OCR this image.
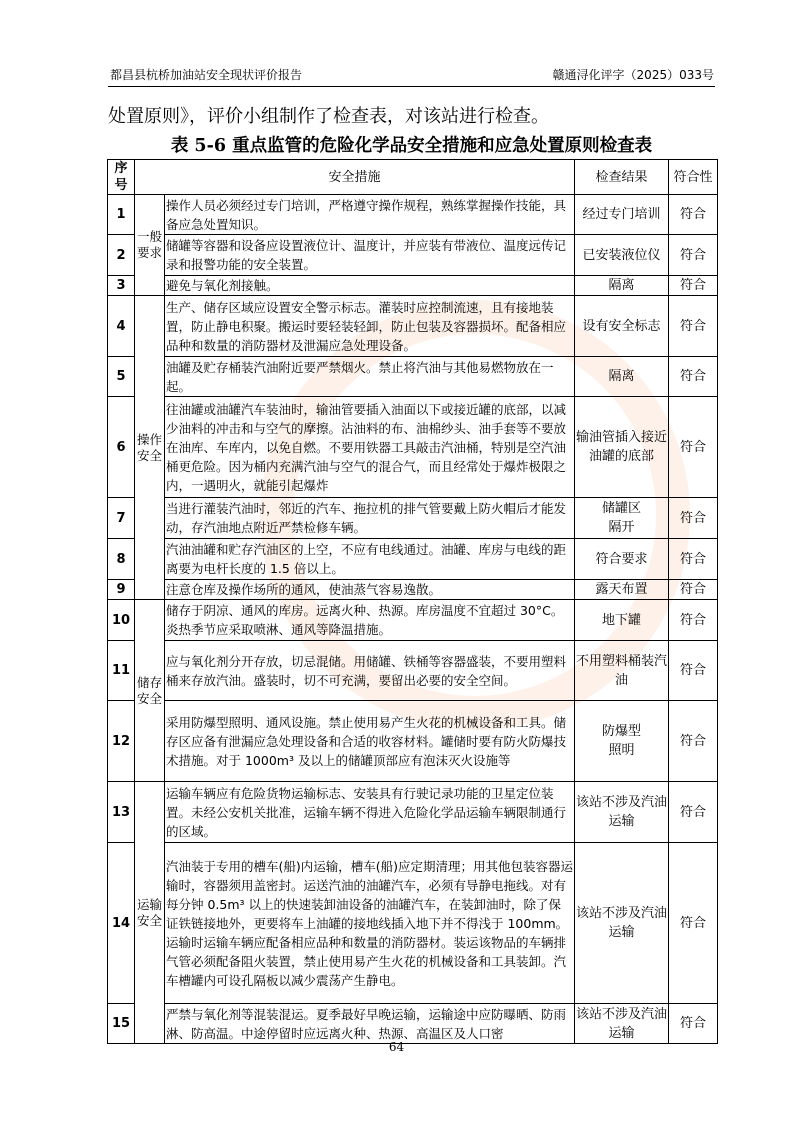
都昌县杭桥加油站安全现状评价报告	赣通浔化评字（2025）033号
处置原则》，评价小组制作了检查表，对该站进行检查。
表 5-6 重点监管的危险化学品安全措施和应急处置原则检查表
序号	安全措施		检查结果	符合性
1	一般要求	操作人员必须经过专门培训，严格遵守操作规程，熟练掌握操作技能，具备应急处置知识。	经过专门培训	符合
2		储罐等容器和设备应设置液位计、温度计，并应装有带液位、温度远传记录和报警功能的安全装置。	已安装液位仪	符合
3		避免与氧化剂接触。	隔离	符合
4	操作安全	生产、储存区域应设置安全警示标志。灌装时应控制流速，且有接地装置，防止静电积聚。搬运时要轻装轻卸，防止包装及容器损坏。配备相应品种和数量的消防器材及泄漏应急处理设备。	设有安全标志	符合
5		油罐及贮存桶装汽油附近要严禁烟火。禁止将汽油与其他易燃物放在一起。	隔离	符合
6		往油罐或油罐汽车装油时，输油管要插入油面以下或接近罐的底部，以减少油料的冲击和与空气的摩擦。沾油料的布、油棉纱头、油手套等不要放在油库、车库内，以免自燃。不要用铁器工具敲击汽油桶，特别是空汽油桶更危险。因为桶内充满汽油与空气的混合气，而且经常处于爆炸极限之内，一遇明火，就能引起爆炸	输油管插入接近油罐的底部	符合
7		当进行灌装汽油时，邻近的汽车、拖拉机的排气管要戴上防火帽后才能发动，存汽油地点附近严禁检修车辆。	储罐区
隔开	符合
8		汽油油罐和贮存汽油区的上空，不应有电线通过。油罐、库房与电线的距离要为电杆长度的 1.5 倍以上。	符合要求	符合
9		注意仓库及操作场所的通风，使油蒸气容易逸散。	露天布置	符合
10	储存安全	储存于阴凉、通风的库房。远离火种、热源。库房温度不宜超过 30°C。炎热季节应采取喷淋、通风等降温措施。	地下罐	符合
11		应与氧化剂分开存放，切忌混储。用储罐、铁桶等容器盛装，不要用塑料桶来存放汽油。盛装时，切不可充满，要留出必要的安全空间。	不用塑料桶装汽油	符合
12		采用防爆型照明、通风设施。禁止使用易产生火花的机械设备和工具。储存区应备有泄漏应急处理设备和合适的收容材料。罐储时要有防火防爆技术措施。对于 1000m³ 及以上的储罐顶部应有泡沫灭火设施等	防爆型
照明	符合
13	运输安全	运输车辆应有危险货物运输标志、安装具有行驶记录功能的卫星定位装置。未经公安机关批准，运输车辆不得进入危险化学品运输车辆限制通行的区域。	该站不涉及汽油运输	符合
14		汽油装于专用的槽车(船)内运输，槽车(船)应定期清理；用其他包装容器运输时，容器须用盖密封。运送汽油的油罐汽车，必须有导静电拖线。对有每分钟 0.5m³ 以上的快速装卸油设备的油罐汽车，在装卸油时，除了保证铁链接地外，更要将车上油罐的接地线插入地下并不得浅于 100mm。运输时运输车辆应配备相应品种和数量的消防器材。装运该物品的车辆排气管必须配备阻火装置，禁止使用易产生火花的机械设备和工具装卸。汽车槽罐内可设孔隔板以减少震荡产生静电。	该站不涉及汽油运输	符合
15		严禁与氧化剂等混装混运。夏季最好早晚运输，运输途中应防曝晒、防雨淋、防高温。中途停留时应远离火种、热源、高温区及人口密	该站不涉及汽油运输	符合
64
